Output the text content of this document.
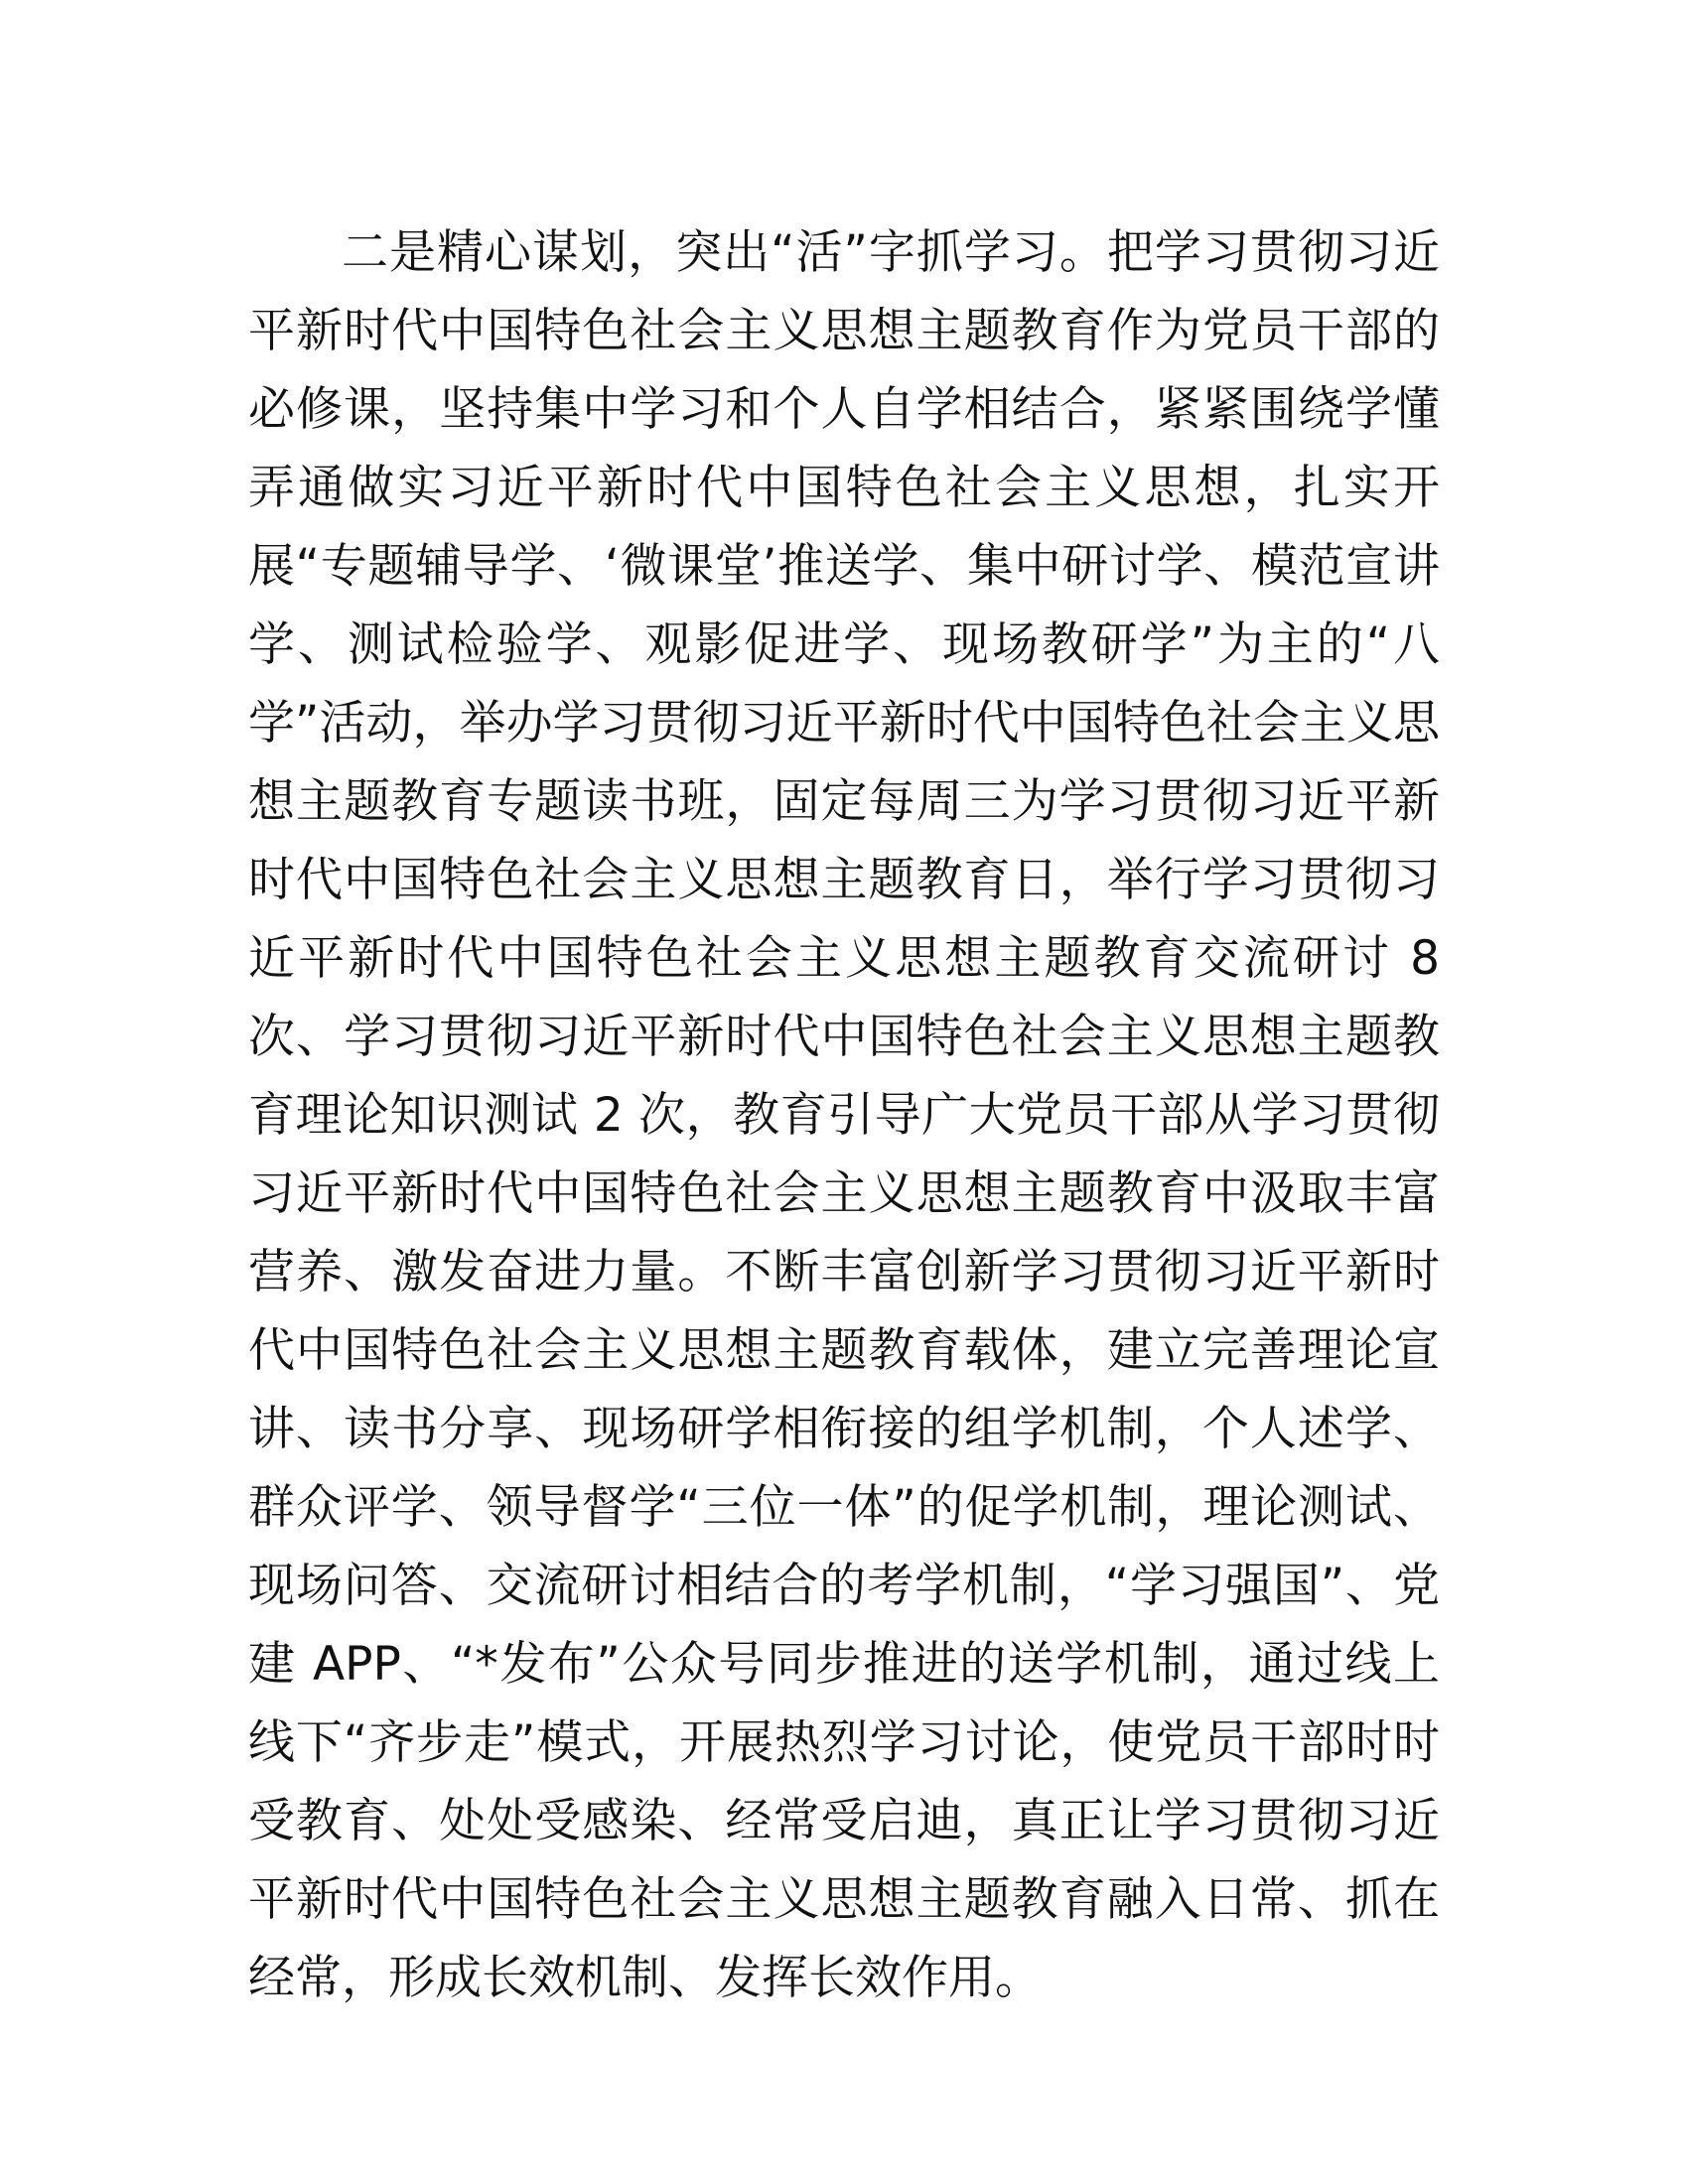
二是精心谋划，突出“活”字抓学习。把学习贯彻习近平新时代中国特色社会主义思想主题教育作为党员干部的必修课，坚持集中学习和个人自学相结合，紧紧围绕学懂弄通做实习近平新时代中国特色社会主义思想，扎实开展“专题辅导学、‘微课堂’推送学、集中研讨学、模范宣讲学、测试检验学、观影促进学、现场教研学”为主的“八学”活动，举办学习贯彻习近平新时代中国特色社会主义思想主题教育专题读书班，固定每周三为学习贯彻习近平新时代中国特色社会主义思想主题教育日，举行学习贯彻习近平新时代中国特色社会主义思想主题教育交流研讨 8 次、学习贯彻习近平新时代中国特色社会主义思想主题教育理论知识测试 2 次，教育引导广大党员干部从学习贯彻习近平新时代中国特色社会主义思想主题教育中汲取丰富营养、激发奋进力量。不断丰富创新学习贯彻习近平新时代中国特色社会主义思想主题教育载体，建立完善理论宣讲、读书分享、现场研学相衔接的组学机制，个人述学、群众评学、领导督学“三位一体”的促学机制，理论测试、现场问答、交流研讨相结合的考学机制，“学习强国”、党建 APP、“*发布”公众号同步推进的送学机制，通过线上线下“齐步走”模式，开展热烈学习讨论，使党员干部时时受教育、处处受感染、经常受启迪，真正让学习贯彻习近平新时代中国特色社会主义思想主题教育融入日常、抓在经常，形成长效机制、发挥长效作用。
